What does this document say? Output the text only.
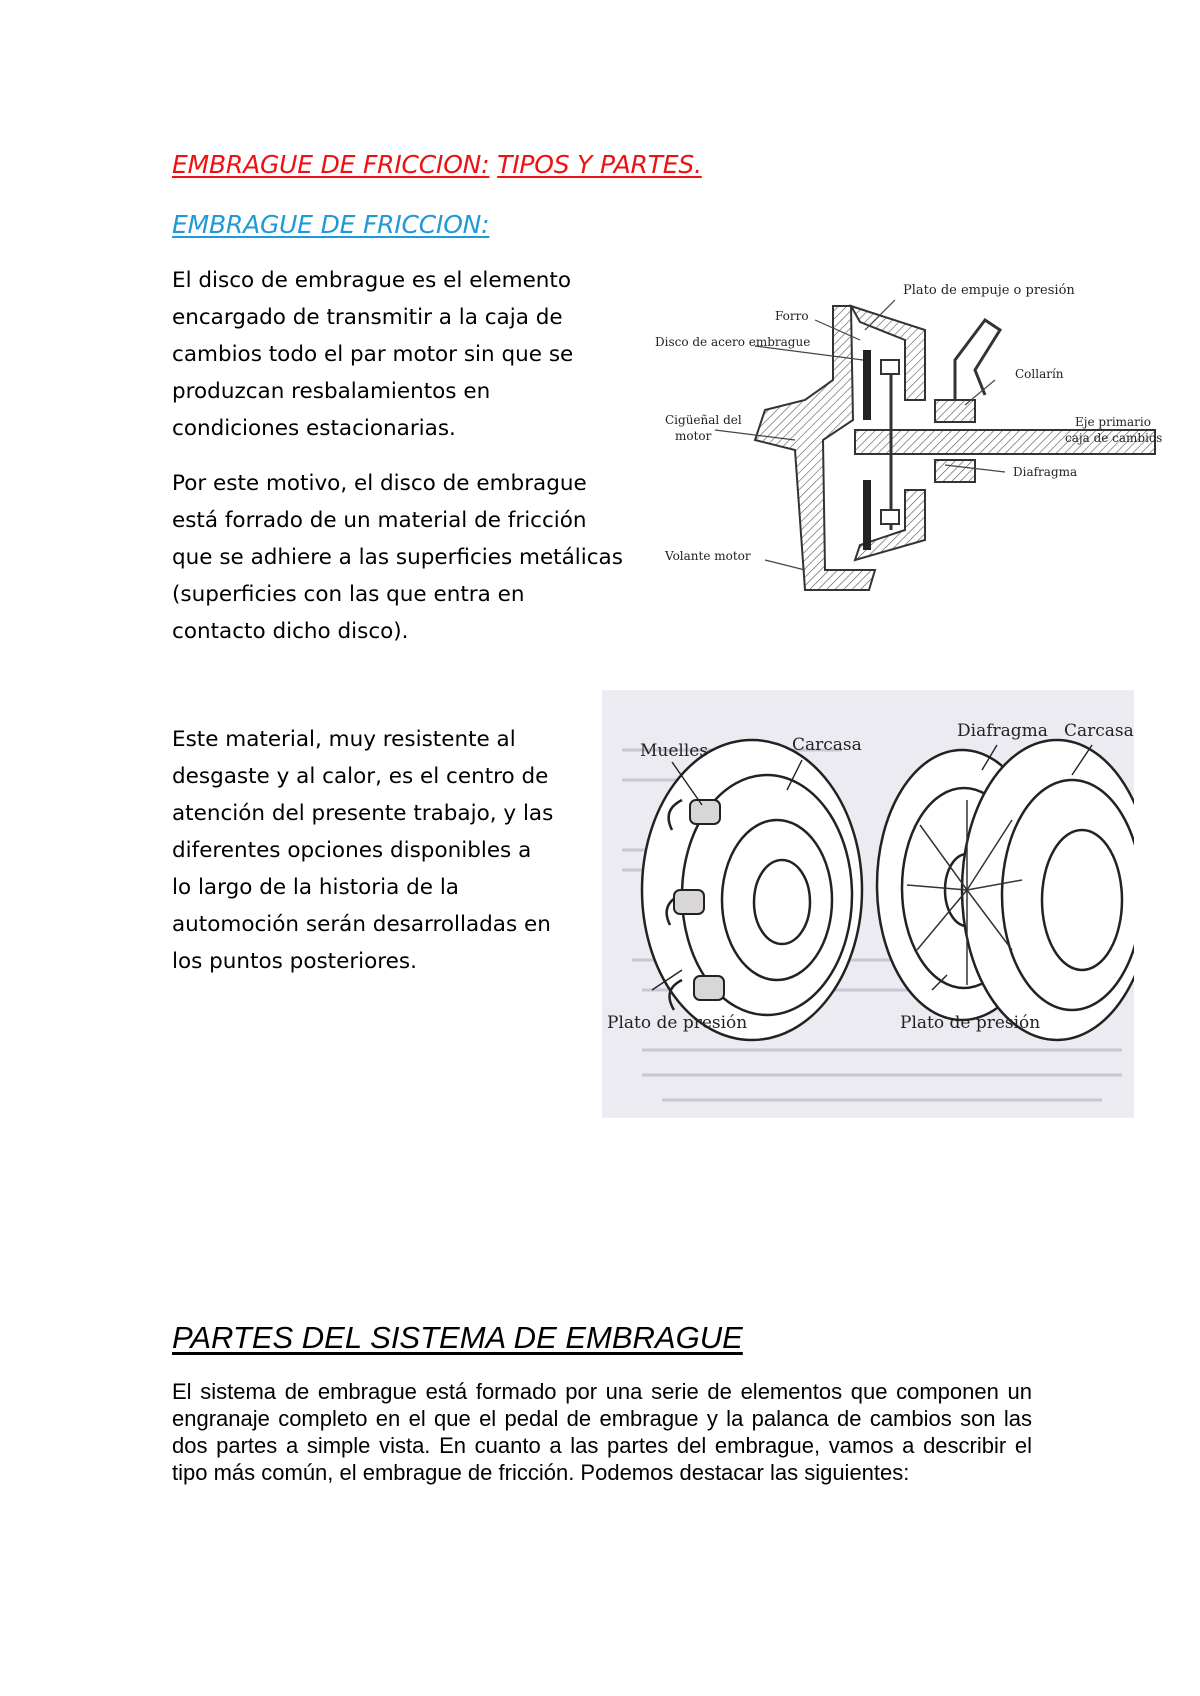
EMBRAGUE DE FRICCION: TIPOS Y PARTES.
EMBRAGUE DE FRICCION:

El disco de embrague es el elemento
encargado de transmitir a la caja de
cambios todo el par motor sin que se
produzcan resbalamientos en
condiciones estacionarias.

Por este motivo, el disco de embrague
está forrado de un material de fricción
que se adhiere a las superficies metálicas
(superficies con las que entra en
contacto dicho disco).

Plato de empuje o presión
Forro
Disco de acero embrague
Collarín
Cigüeñal del
motor
Eje primario
caja de cambios
Diafragma
Volante motor

Este material, muy resistente al
desgaste y al calor, es el centro de
atención del presente trabajo, y las
diferentes opciones disponibles a
lo largo de la historia de la
automoción serán desarrolladas en
los puntos posteriores.

Muelles	Carcasa
Diafragma Carcasa
Plato de presión	Plato de presión
PARTES DEL SISTEMA DE EMBRAGUE

El sistema de embrague está formado por una serie de elementos que componen un engranaje completo en el que el pedal de embrague y la palanca de cambios son las dos partes a simple vista. En cuanto a las partes del embrague, vamos a describir el tipo más común, el embrague de fricción. Podemos destacar las siguientes:
